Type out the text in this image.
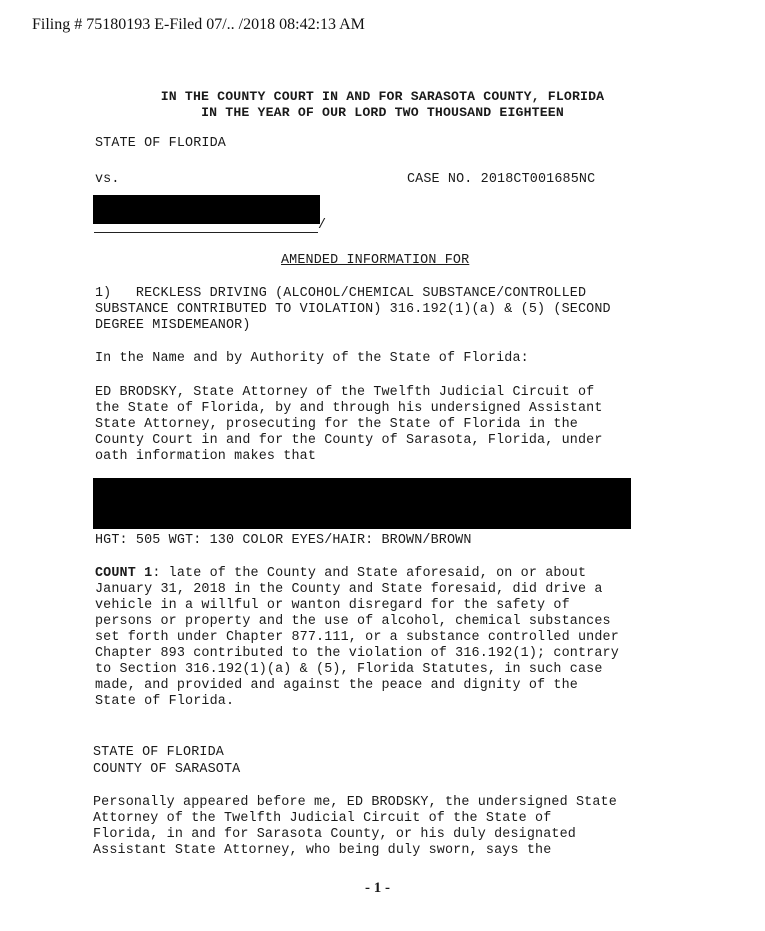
Filing # 75180193 E-Filed 07/.. /2018 08:42:13 AM
IN THE COUNTY COURT IN AND FOR SARASOTA COUNTY, FLORIDA
IN THE YEAR OF OUR LORD TWO THOUSAND EIGHTEEN
STATE OF FLORIDA
vs.	CASE NO. 2018CT001685NC
/
AMENDED INFORMATION FOR
1)   RECKLESS DRIVING (ALCOHOL/CHEMICAL SUBSTANCE/CONTROLLED
SUBSTANCE CONTRIBUTED TO VIOLATION) 316.192(1)(a) & (5) (SECOND
DEGREE MISDEMEANOR)
In the Name and by Authority of the State of Florida:
ED BRODSKY, State Attorney of the Twelfth Judicial Circuit of
the State of Florida, by and through his undersigned Assistant
State Attorney, prosecuting for the State of Florida in the
County Court in and for the County of Sarasota, Florida, under
oath information makes that
HGT: 505 WGT: 130 COLOR EYES/HAIR: BROWN/BROWN
COUNT 1: late of the County and State aforesaid, on or about
January 31, 2018 in the County and State foresaid, did drive a
vehicle in a willful or wanton disregard for the safety of
persons or property and the use of alcohol, chemical substances
set forth under Chapter 877.111, or a substance controlled under
Chapter 893 contributed to the violation of 316.192(1); contrary
to Section 316.192(1)(a) & (5), Florida Statutes, in such case
made, and provided and against the peace and dignity of the
State of Florida.
STATE OF FLORIDA
COUNTY OF SARASOTA
Personally appeared before me, ED BRODSKY, the undersigned State
Attorney of the Twelfth Judicial Circuit of the State of
Florida, in and for Sarasota County, or his duly designated
Assistant State Attorney, who being duly sworn, says the
- 1 -
